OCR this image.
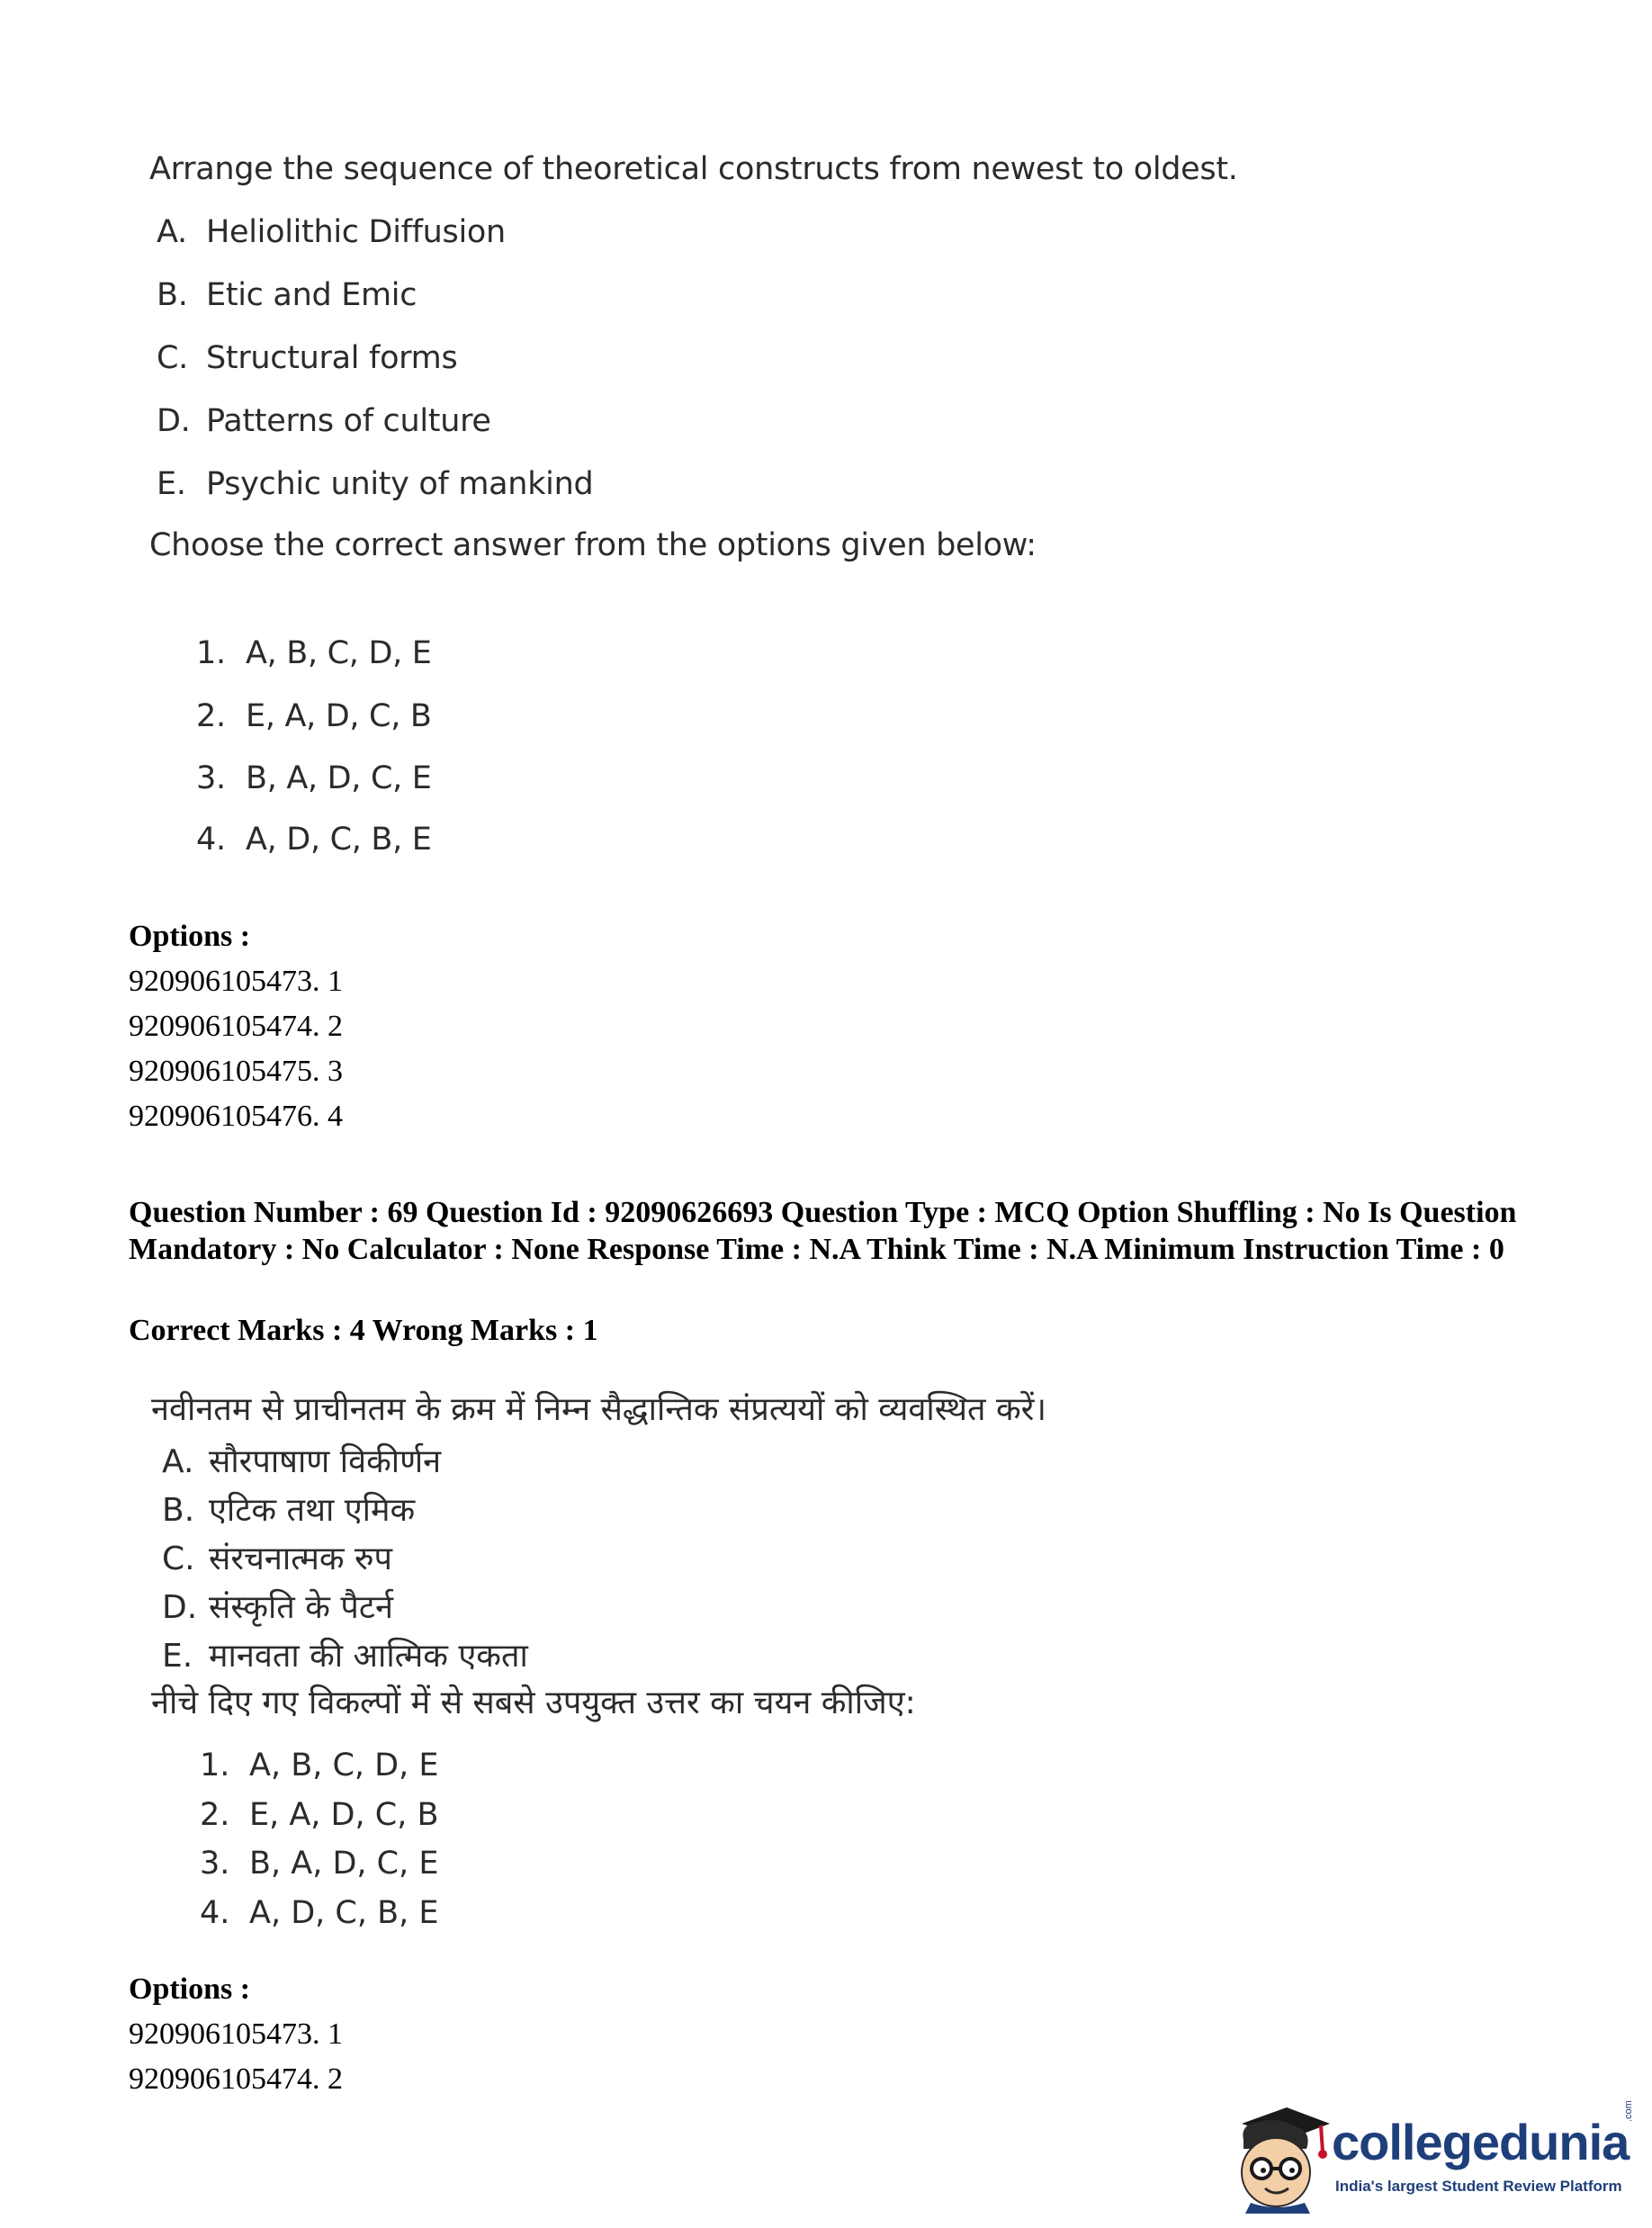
Arrange the sequence of theoretical constructs from newest to oldest.
A. Heliolithic Diffusion
B. Etic and Emic
C. Structural forms
D. Patterns of culture
E. Psychic unity of mankind
Choose the correct answer from the options given below:
1. A, B, C, D, E
2. E, A, D, C, B
3. B, A, D, C, E
4. A, D, C, B, E
Options :
920906105473. 1
920906105474. 2
920906105475. 3
920906105476. 4
Question Number : 69 Question Id : 92090626693 Question Type : MCQ Option Shuffling : No Is Question Mandatory : No Calculator : None Response Time : N.A Think Time : N.A Minimum Instruction Time : 0
Correct Marks : 4 Wrong Marks : 1
नवीनतम से प्राचीनतम के क्रम में निम्न सैद्धान्तिक संप्रत्ययों को व्यवस्थित करें।
A. सौरपाषाण विकीर्णन
B. एटिक तथा एमिक
C. संरचनात्मक रुप
D. संस्कृति के पैटर्न
E. मानवता की आत्मिक एकता
नीचे दिए गए विकल्पों में से सबसे उपयुक्त उत्तर का चयन कीजिए:
1. A, B, C, D, E
2. E, A, D, C, B
3. B, A, D, C, E
4. A, D, C, B, E
Options :
920906105473. 1
920906105474. 2
collegedunia
.com
India's largest Student Review Platform
